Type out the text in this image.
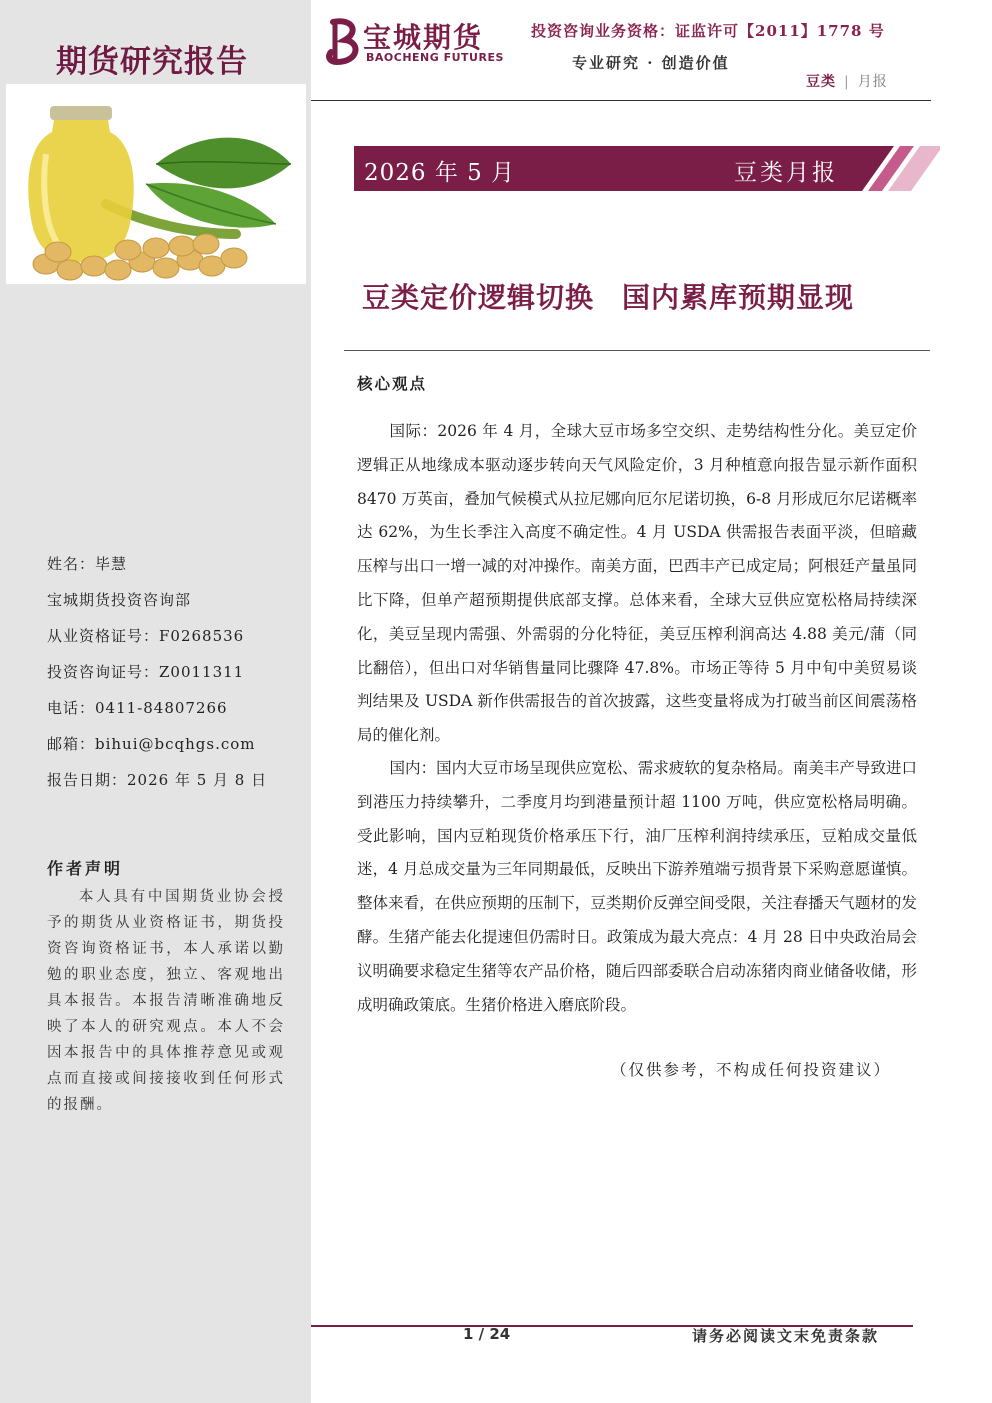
期货研究报告
姓名：毕慧
宝城期货投资咨询部
从业资格证号：F0268536
投资咨询证号：Z0011311
电话：0411-84807266
邮箱：bihui@bcqhgs.com
报告日期：2026 年 5 月 8 日
作者声明

本人具有中国期货业协会授予的期货从业资格证书，期货投资咨询资格证书，本人承诺以勤勉的职业态度，独立、客观地出具本报告。本报告清晰准确地反映了本人的研究观点。本人不会因本报告中的具体推荐意见或观点而直接或间接接收到任何形式的报酬。

宝城期货
BAOCHENG FUTURES
投资咨询业务资格：证监许可【2011】1778 号
专业研究 · 创造价值
豆类 | 月报
2026 年 5 月	豆类月报
豆类定价逻辑切换 国内累库预期显现
核心观点

国际：2026 年 4 月，全球大豆市场多空交织、走势结构性分化。美豆定价逻辑正从地缘成本驱动逐步转向天气风险定价，3 月种植意向报告显示新作面积 8470 万英亩，叠加气候模式从拉尼娜向厄尔尼诺切换，6-8 月形成厄尔尼诺概率达 62%，为生长季注入高度不确定性。4 月 USDA 供需报告表面平淡，但暗藏压榨与出口一增一减的对冲操作。南美方面，巴西丰产已成定局；阿根廷产量虽同比下降，但单产超预期提供底部支撑。总体来看，全球大豆供应宽松格局持续深化，美豆呈现内需强、外需弱的分化特征，美豆压榨利润高达 4.88 美元/蒲（同比翻倍），但出口对华销售量同比骤降 47.8%。市场正等待 5 月中旬中美贸易谈判结果及 USDA 新作供需报告的首次披露，这些变量将成为打破当前区间震荡格局的催化剂。

国内：国内大豆市场呈现供应宽松、需求疲软的复杂格局。南美丰产导致进口到港压力持续攀升，二季度月均到港量预计超 1100 万吨，供应宽松格局明确。受此影响，国内豆粕现货价格承压下行，油厂压榨利润持续承压，豆粕成交量低迷，4 月总成交量为三年同期最低，反映出下游养殖端亏损背景下采购意愿谨慎。整体来看，在供应预期的压制下，豆类期价反弹空间受限，关注春播天气题材的发酵。生猪产能去化提速但仍需时日。政策成为最大亮点：4 月 28 日中央政治局会议明确要求稳定生猪等农产品价格，随后四部委联合启动冻猪肉商业储备收储，形成明确政策底。生猪价格进入磨底阶段。

（仅供参考，不构成任何投资建议）
1 / 24	请务必阅读文末免责条款
